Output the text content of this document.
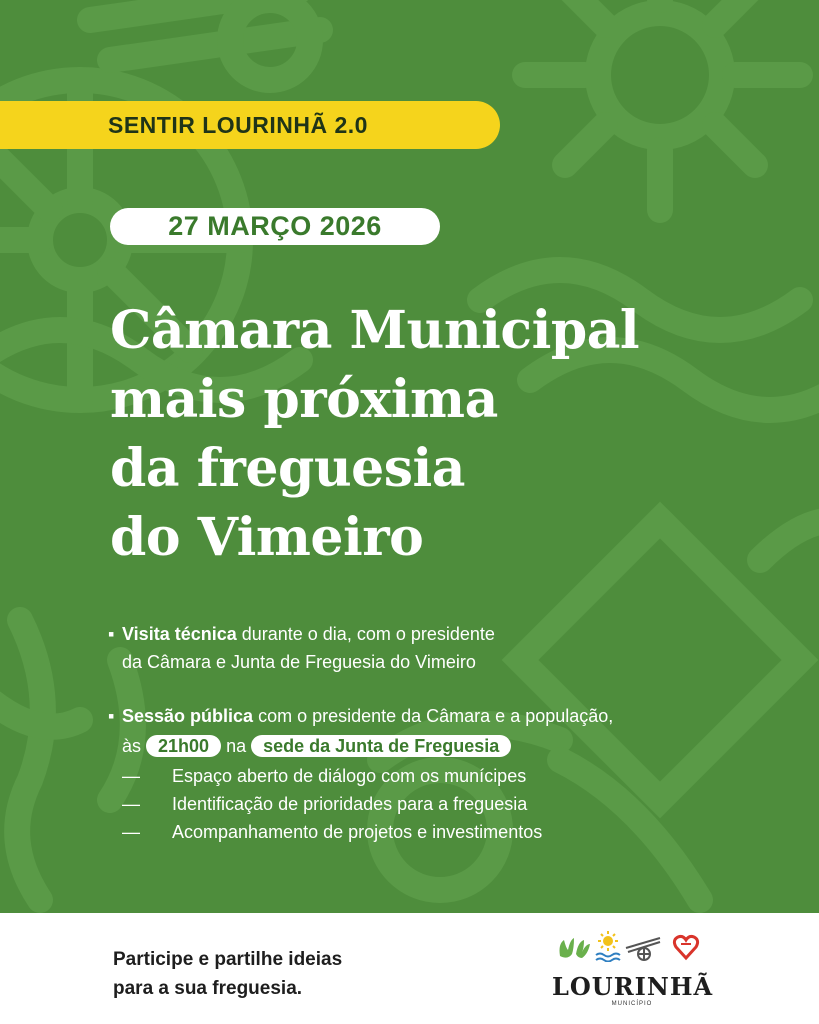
SENTIR LOURINHÃ 2.0
27 MARÇO 2026
Câmara Municipal
mais próxima
da freguesia
do Vimeiro
▪ Visita técnica durante o dia, com o presidente
da Câmara e Junta de Freguesia do Vimeiro
▪ Sessão pública com o presidente da Câmara e a população,
às 21h00 na sede da Junta de Freguesia
—	Espaço aberto de diálogo com os munícipes
—	Identificação de prioridades para a freguesia
—	Acompanhamento de projetos e investimentos
Participe e partilhe ideias
para a sua freguesia.	LOURINHÃ
MUNICÍPIO
